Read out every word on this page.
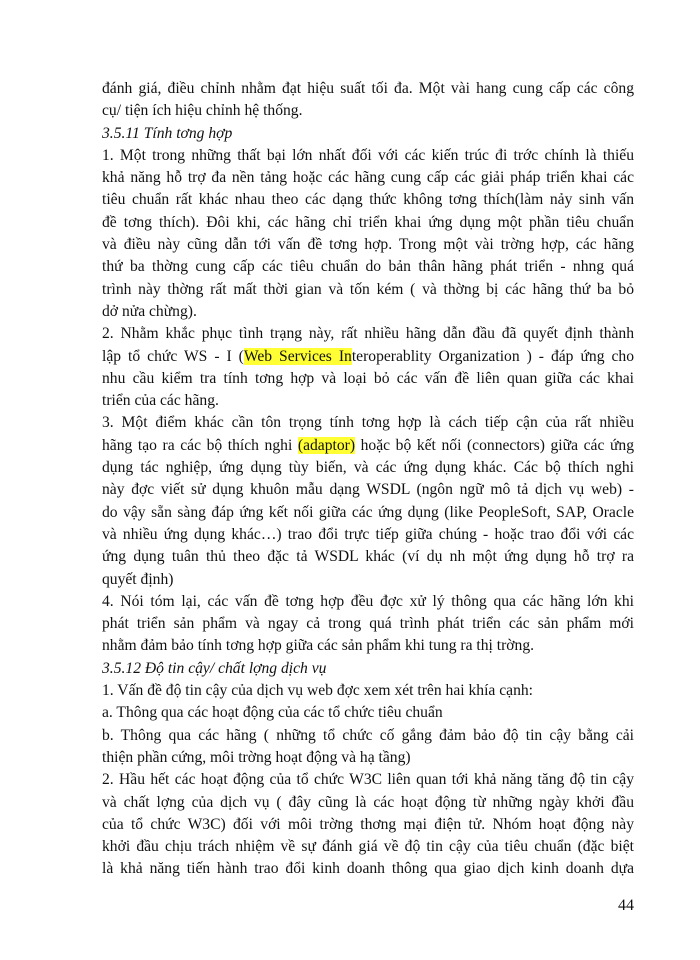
đánh giá, điều chỉnh nhằm đạt hiệu suất tối đa. Một vài hang cung cấp các công
cụ/ tiện ích hiệu chỉnh hệ thống.
3.5.11 Tính tơng hợp
1. Một trong những thất bại lớn nhất đối với các kiến trúc đi trớc chính là thiếu
khả năng hỗ trợ đa nền tảng hoặc các hãng cung cấp các giải pháp triển khai các
tiêu chuẩn rất khác nhau theo các dạng thức không tơng thích(làm nảy sinh vấn
đề tơng thích). Đôi khi, các hãng chỉ triển khai ứng dụng một phần tiêu chuẩn
và điều này cũng dẫn tới vấn đề tơng hợp. Trong một vài trờng hợp, các hãng
thứ ba thờng cung cấp các tiêu chuẩn do bản thân hãng phát triển - nhng quá
trình này thờng rất mất thời gian và tốn kém ( và thờng bị các hãng thứ ba bỏ
dở nửa chừng).
2. Nhằm khắc phục tình trạng này, rất nhiều hãng dẫn đầu đã quyết định thành
lập tổ chức WS - I (Web Services Interoperablity Organization ) - đáp ứng cho
nhu cầu kiểm tra tính tơng hợp và loại bỏ các vấn đề liên quan giữa các khai
triển của các hãng.
3. Một điểm khác cần tôn trọng tính tơng hợp là cách tiếp cận của rất nhiều
hãng tạo ra các bộ thích nghi (adaptor) hoặc bộ kết nối (connectors) giữa các ứng
dụng tác nghiệp, ứng dụng tùy biến, và các ứng dụng khác. Các bộ thích nghi
này đợc viết sử dụng khuôn mẫu dạng WSDL (ngôn ngữ mô tả dịch vụ web) -
do vậy sẵn sàng đáp ứng kết nối giữa các ứng dụng (like PeopleSoft, SAP, Oracle
và nhiều ứng dụng khác…) trao đổi trực tiếp giữa chúng - hoặc trao đổi với các
ứng dụng tuân thủ theo đặc tả WSDL khác (ví dụ nh một ứng dụng hỗ trợ ra
quyết định)
4. Nói tóm lại, các vấn đề tơng hợp đều đợc xử lý thông qua các hãng lớn khi
phát triển sản phẩm và ngay cả trong quá trình phát triển các sản phẩm mới
nhằm đảm bảo tính tơng hợp giữa các sản phẩm khi tung ra thị trờng.
3.5.12 Độ tin cậy/ chất lợng dịch vụ
1. Vấn đề độ tin cậy của dịch vụ web đợc xem xét trên hai khía cạnh:
a. Thông qua các hoạt động của các tổ chức tiêu chuẩn
b. Thông qua các hãng ( những tổ chức cố gắng đảm bảo độ tin cậy bằng cải
thiện phần cứng, môi trờng hoạt động và hạ tầng)
2. Hầu hết các hoạt động của tổ chức W3C liên quan tới khả năng tăng độ tin cậy
và chất lợng của dịch vụ ( đây cũng là các hoạt động từ những ngày khởi đầu
của tổ chức W3C) đối với môi trờng thơng mại điện tử. Nhóm hoạt động này
khởi đầu chịu trách nhiệm về sự đánh giá về độ tin cậy của tiêu chuẩn (đặc biệt
là khả năng tiến hành trao đổi kinh doanh thông qua giao dịch kinh doanh dựa
44
